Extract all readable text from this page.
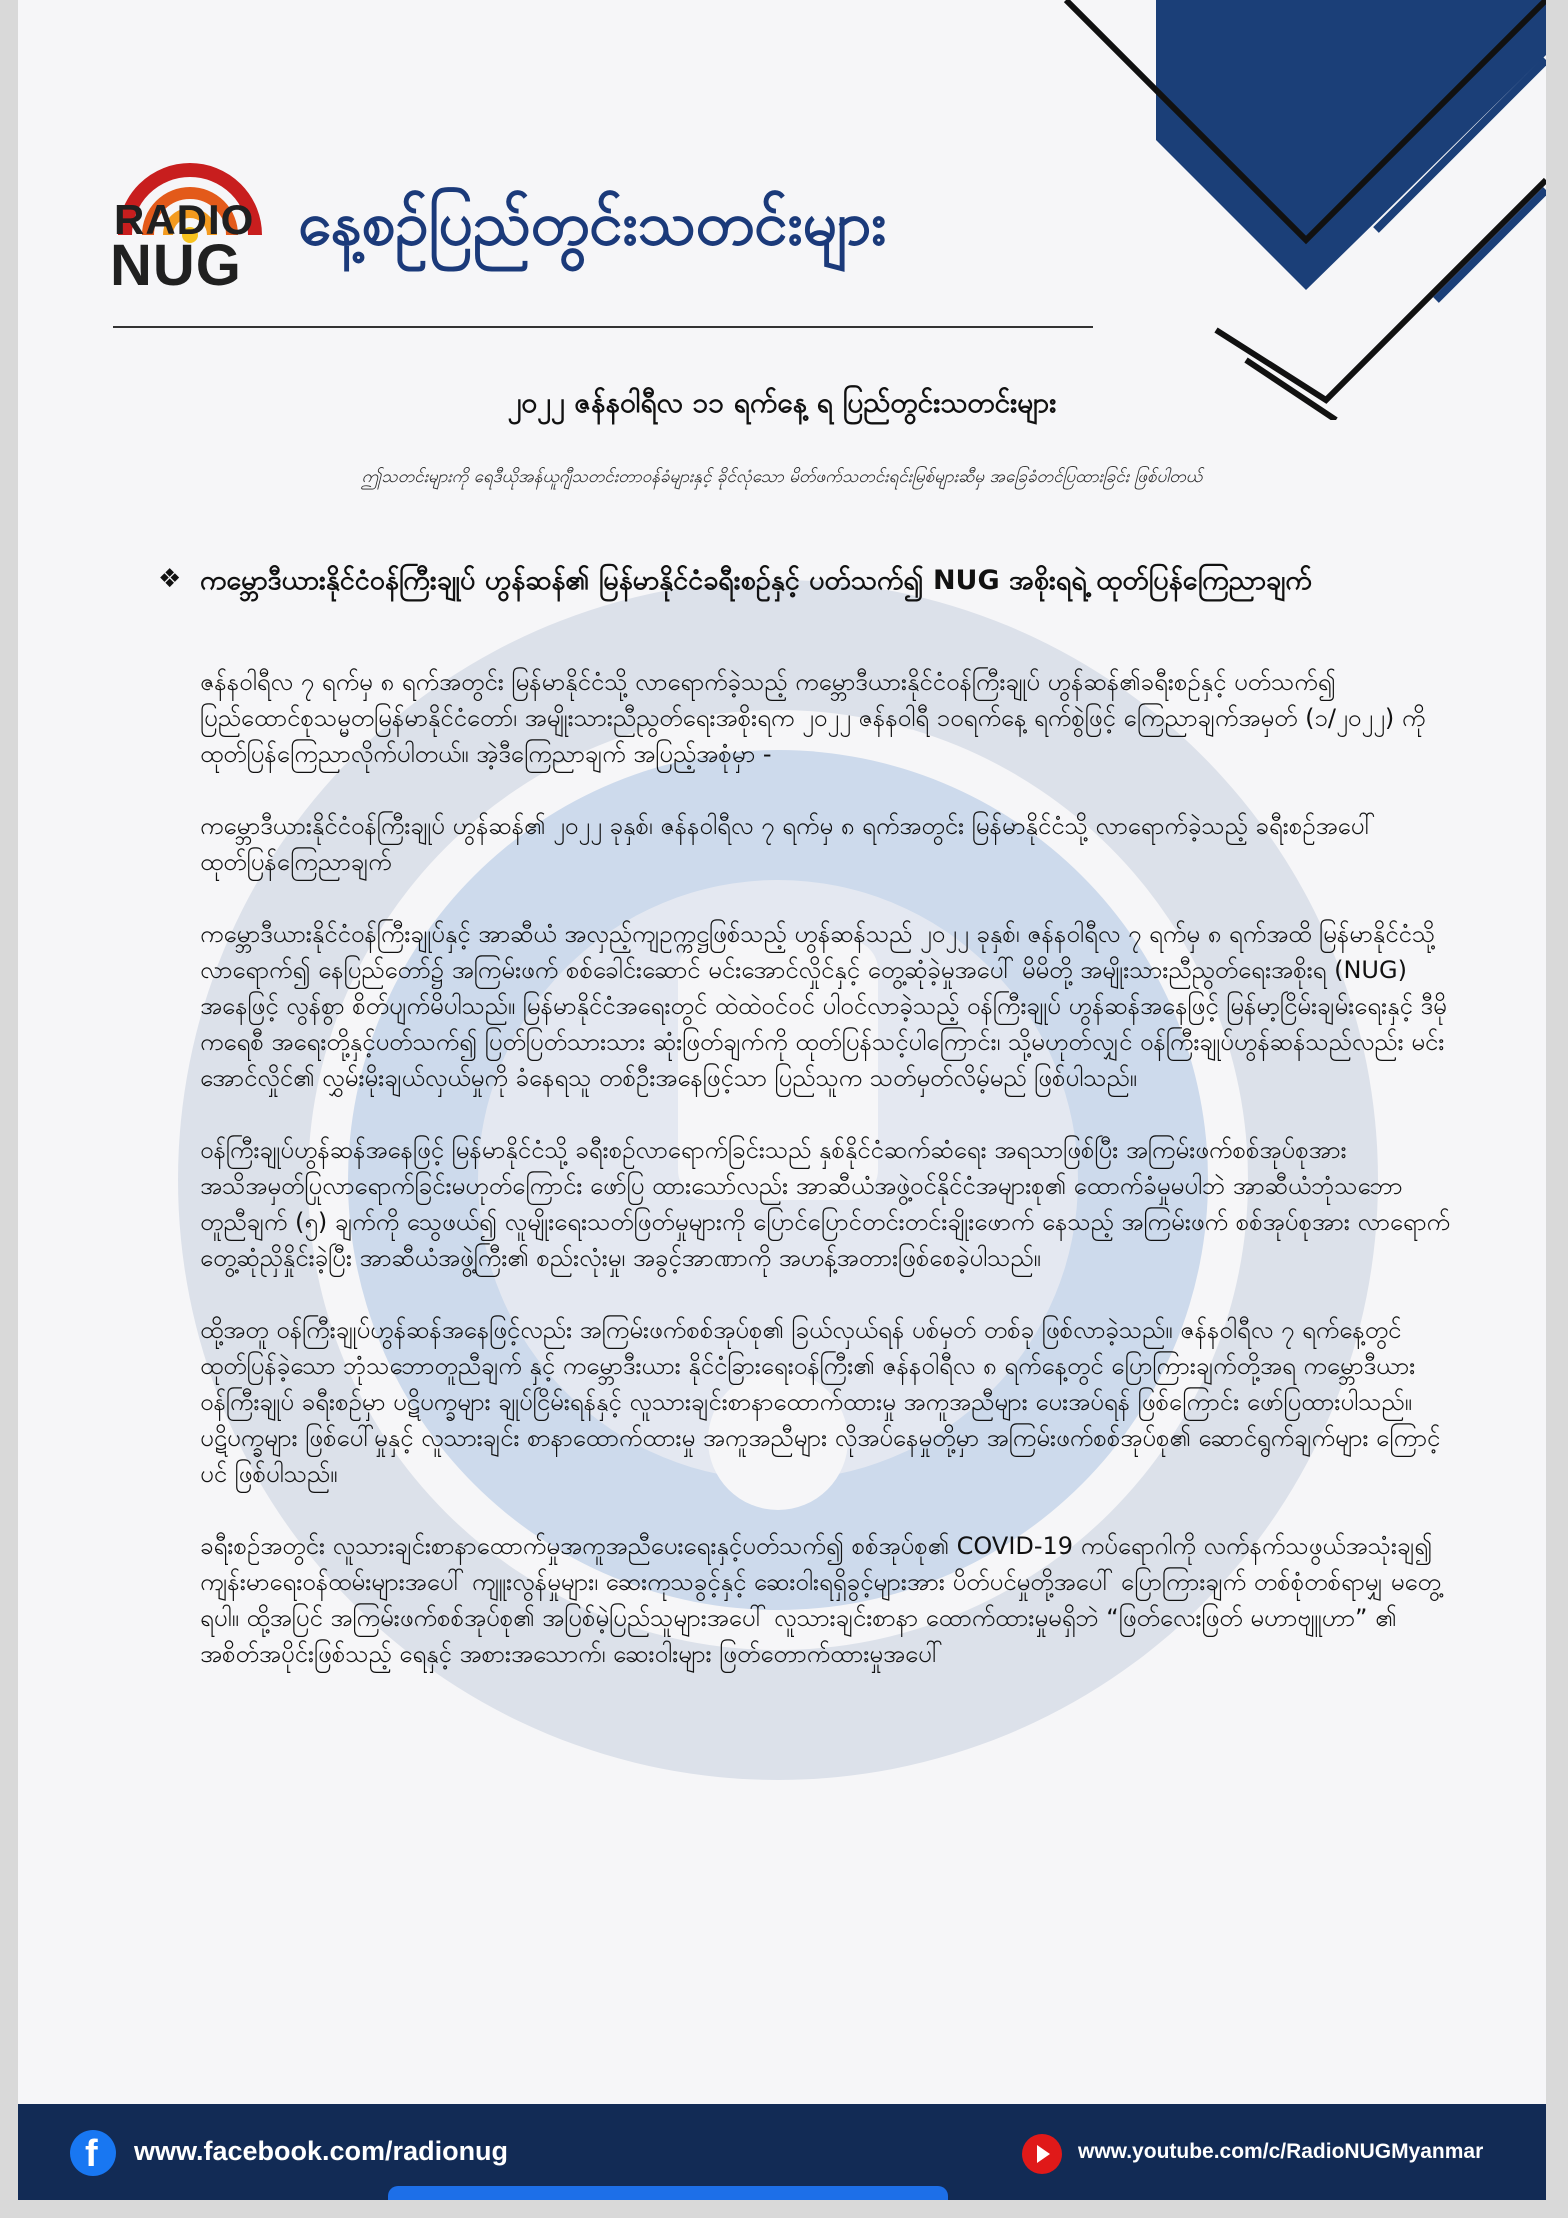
RADIO
NUG
နေ့စဉ်ပြည်တွင်းသတင်းများ
၂၀၂၂ ဇန်နဝါရီလ ၁၁ ရက်နေ့ ရ ပြည်တွင်းသတင်းများ
ဤသတင်းများကို ရေဒီယိုအန်ယူဂျီသတင်းတာဝန်ခံများနှင့် ခိုင်လုံသော မိတ်ဖက်သတင်းရင်းမြစ်များဆီမှ အခြေခံတင်ပြထားခြင်း ဖြစ်ပါတယ်
❖ ကမ္ဘောဒီယားနိုင်ငံဝန်ကြီးချုပ် ဟွန်ဆန်၏ မြန်မာနိုင်ငံခရီးစဉ်နှင့် ပတ်သက်၍ NUG အစိုးရရဲ့ ထုတ်ပြန်ကြေညာချက်

ဇန်နဝါရီလ ၇ ရက်မှ ၈ ရက်အတွင်း မြန်မာနိုင်ငံသို့ လာရောက်ခဲ့သည့် ကမ္ဘောဒီယားနိုင်ငံဝန်ကြီးချုပ် ဟွန်ဆန်၏ခရီးစဉ်နှင့် ပတ်သက်၍ ပြည်ထောင်စုသမ္မတမြန်မာနိုင်ငံတော်၊ အမျိုးသားညီညွတ်ရေးအစိုးရက ၂၀၂၂ ဇန်နဝါရီ ၁၀ရက်နေ့ ရက်စွဲဖြင့် ကြေညာချက်အမှတ် (၁/၂၀၂၂) ကို ထုတ်ပြန်ကြေညာလိုက်ပါတယ်။ အဲ့ဒီကြေညာချက် အပြည့်အစုံမှာ -

ကမ္ဘောဒီယားနိုင်ငံဝန်ကြီးချုပ် ဟွန်ဆန်၏ ၂၀၂၂ ခုနှစ်၊ ဇန်နဝါရီလ ၇ ရက်မှ ၈ ရက်အတွင်း မြန်မာနိုင်ငံသို့ လာရောက်ခဲ့သည့် ခရီးစဉ်အပေါ် ထုတ်ပြန်ကြေညာချက်

ကမ္ဘောဒီယားနိုင်ငံဝန်ကြီးချုပ်နှင့် အာဆီယံ အလှည့်ကျဥက္ကဋ္ဌဖြစ်သည့် ဟွန်ဆန်သည် ၂၀၂၂ ခုနှစ်၊ ဇန်နဝါရီလ ၇ ရက်မှ ၈ ရက်အထိ မြန်မာနိုင်ငံသို့လာရောက်၍ နေပြည်တော်၌ အကြမ်းဖက် စစ်ခေါင်းဆောင် မင်းအောင်လှိုင်နှင့် တွေ့ဆုံခဲ့မှုအပေါ် မိမိတို့ အမျိုးသားညီညွတ်ရေးအစိုးရ (NUG) အနေဖြင့် လွန်စွာ စိတ်ပျက်မိပါသည်။ မြန်မာနိုင်ငံအရေးတွင် ထဲထဲဝင်ဝင် ပါဝင်လာခဲ့သည့် ဝန်ကြီးချုပ် ဟွန်ဆန်အနေဖြင့် မြန်မာ့ငြိမ်းချမ်းရေးနှင့် ဒီမိုကရေစီ အရေးတို့နှင့်ပတ်သက်၍ ပြတ်ပြတ်သားသား ဆုံးဖြတ်ချက်ကို ထုတ်ပြန်သင့်ပါကြောင်း၊ သို့မဟုတ်လျှင် ဝန်ကြီးချုပ်ဟွန်ဆန်သည်လည်း မင်းအောင်လှိုင်၏ လွှမ်းမိုးချယ်လှယ်မှုကို ခံနေရသူ တစ်ဦးအနေဖြင့်သာ ပြည်သူက သတ်မှတ်လိမ့်မည် ဖြစ်ပါသည်။

ဝန်ကြီးချုပ်ဟွန်ဆန်အနေဖြင့် မြန်မာနိုင်ငံသို့ ခရီးစဉ်လာရောက်ခြင်းသည် နှစ်နိုင်ငံဆက်ဆံရေး အရသာဖြစ်ပြီး အကြမ်းဖက်စစ်အုပ်စုအား အသိအမှတ်ပြုလာရောက်ခြင်းမဟုတ်ကြောင်း ဖော်ပြ ထားသော်လည်း အာဆီယံအဖွဲ့ဝင်နိုင်ငံအများစု၏ ထောက်ခံမှုမပါဘဲ အာဆီယံဘုံသဘော တူညီချက် (၅) ချက်ကို သွေဖယ်၍ လူမျိုးရေးသတ်ဖြတ်မှုများကို ပြောင်ပြောင်တင်းတင်းချိုးဖောက် နေသည့် အကြမ်းဖက် စစ်အုပ်စုအား လာရောက်တွေ့ဆုံညှိနှိုင်းခဲ့ပြီး အာဆီယံအဖွဲ့ကြီး၏ စည်းလုံးမှု၊ အခွင့်အာဏာကို အဟန့်အတားဖြစ်စေခဲ့ပါသည်။

ထို့အတူ ဝန်ကြီးချုပ်ဟွန်ဆန်အနေဖြင့်လည်း အကြမ်းဖက်စစ်အုပ်စု၏ ခြယ်လှယ်ရန် ပစ်မှတ် တစ်ခု ဖြစ်လာခဲ့သည်။ ဇန်နဝါရီလ ၇ ရက်နေ့တွင် ထုတ်ပြန်ခဲ့သော ဘုံသဘောတူညီချက် နှင့် ကမ္ဘောဒီးယား နိုင်ငံခြားရေးဝန်ကြီး၏ ဇန်နဝါရီလ ၈ ရက်နေ့တွင် ပြောကြားချက်တို့အရ ကမ္ဘောဒီယားဝန်ကြီးချုပ် ခရီးစဉ်မှာ ပဋိပက္ခများ ချုပ်ငြိမ်းရန်နှင့် လူသားချင်းစာနာထောက်ထားမှု အကူအညီများ ပေးအပ်ရန် ဖြစ်ကြောင်း ဖော်ပြထားပါသည်။ ပဋိပက္ခများ ဖြစ်ပေါ်မှုနှင့် လူသားချင်း စာနာထောက်ထားမှု အကူအညီများ လိုအပ်နေမှုတို့မှာ အကြမ်းဖက်စစ်အုပ်စု၏ ဆောင်ရွက်ချက်များ ကြောင့်ပင် ဖြစ်ပါသည်။

ခရီးစဉ်အတွင်း လူသားချင်းစာနာထောက်မှုအကူအညီပေးရေးနှင့်ပတ်သက်၍ စစ်အုပ်စု၏ COVID-19 ကပ်ရောဂါကို လက်နက်သဖွယ်အသုံးချ၍ ကျန်းမာရေးဝန်ထမ်းများအပေါ် ကျူးလွန်မှုများ၊ ဆေးကုသခွင့်နှင့် ဆေးဝါးရရှိခွင့်များအား ပိတ်ပင်မှုတို့အပေါ် ပြောကြားချက် တစ်စုံတစ်ရာမျှ မတွေ့ရပါ။ ထို့အပြင် အကြမ်းဖက်စစ်အုပ်စု၏ အပြစ်မဲ့ပြည်သူများအပေါ် လူသားချင်းစာနာ ထောက်ထားမှုမရှိဘဲ “ဖြတ်လေးဖြတ် မဟာဗျူဟာ” ၏ အစိတ်အပိုင်းဖြစ်သည့် ရေနှင့် အစားအသောက်၊ ဆေးဝါးများ ဖြတ်တောက်ထားမှုအပေါ်

f www.facebook.com/radionug	www.youtube.com/c/RadioNUGMyanmar
